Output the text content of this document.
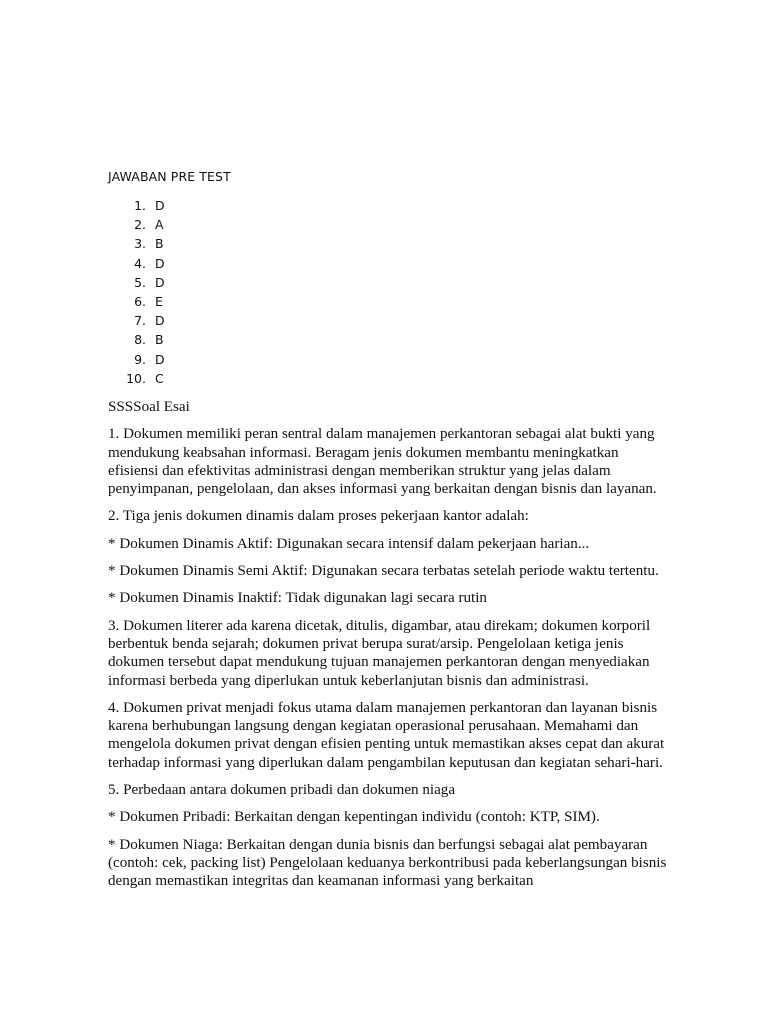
JAWABAN PRE TEST
1. D
2. A
3. B
4. D
5. D
6. E
7. D
8. B
9. D
10. C

SSSSoal Esai

1. Dokumen memiliki peran sentral dalam manajemen perkantoran sebagai alat bukti yang
mendukung keabsahan informasi. Beragam jenis dokumen membantu meningkatkan
efisiensi dan efektivitas administrasi dengan memberikan struktur yang jelas dalam
penyimpanan, pengelolaan, dan akses informasi yang berkaitan dengan bisnis dan layanan.

2. Tiga jenis dokumen dinamis dalam proses pekerjaan kantor adalah:

* Dokumen Dinamis Aktif: Digunakan secara intensif dalam pekerjaan harian...

* Dokumen Dinamis Semi Aktif: Digunakan secara terbatas setelah periode waktu tertentu.

* Dokumen Dinamis Inaktif: Tidak digunakan lagi secara rutin

3. Dokumen literer ada karena dicetak, ditulis, digambar, atau direkam; dokumen korporil
berbentuk benda sejarah; dokumen privat berupa surat/arsip. Pengelolaan ketiga jenis
dokumen tersebut dapat mendukung tujuan manajemen perkantoran dengan menyediakan
informasi berbeda yang diperlukan untuk keberlanjutan bisnis dan administrasi.

4. Dokumen privat menjadi fokus utama dalam manajemen perkantoran dan layanan bisnis
karena berhubungan langsung dengan kegiatan operasional perusahaan. Memahami dan
mengelola dokumen privat dengan efisien penting untuk memastikan akses cepat dan akurat
terhadap informasi yang diperlukan dalam pengambilan keputusan dan kegiatan sehari-hari.

5. Perbedaan antara dokumen pribadi dan dokumen niaga

* Dokumen Pribadi: Berkaitan dengan kepentingan individu (contoh: KTP, SIM).

* Dokumen Niaga: Berkaitan dengan dunia bisnis dan berfungsi sebagai alat pembayaran
(contoh: cek, packing list) Pengelolaan keduanya berkontribusi pada keberlangsungan bisnis
dengan memastikan integritas dan keamanan informasi yang berkaitan
